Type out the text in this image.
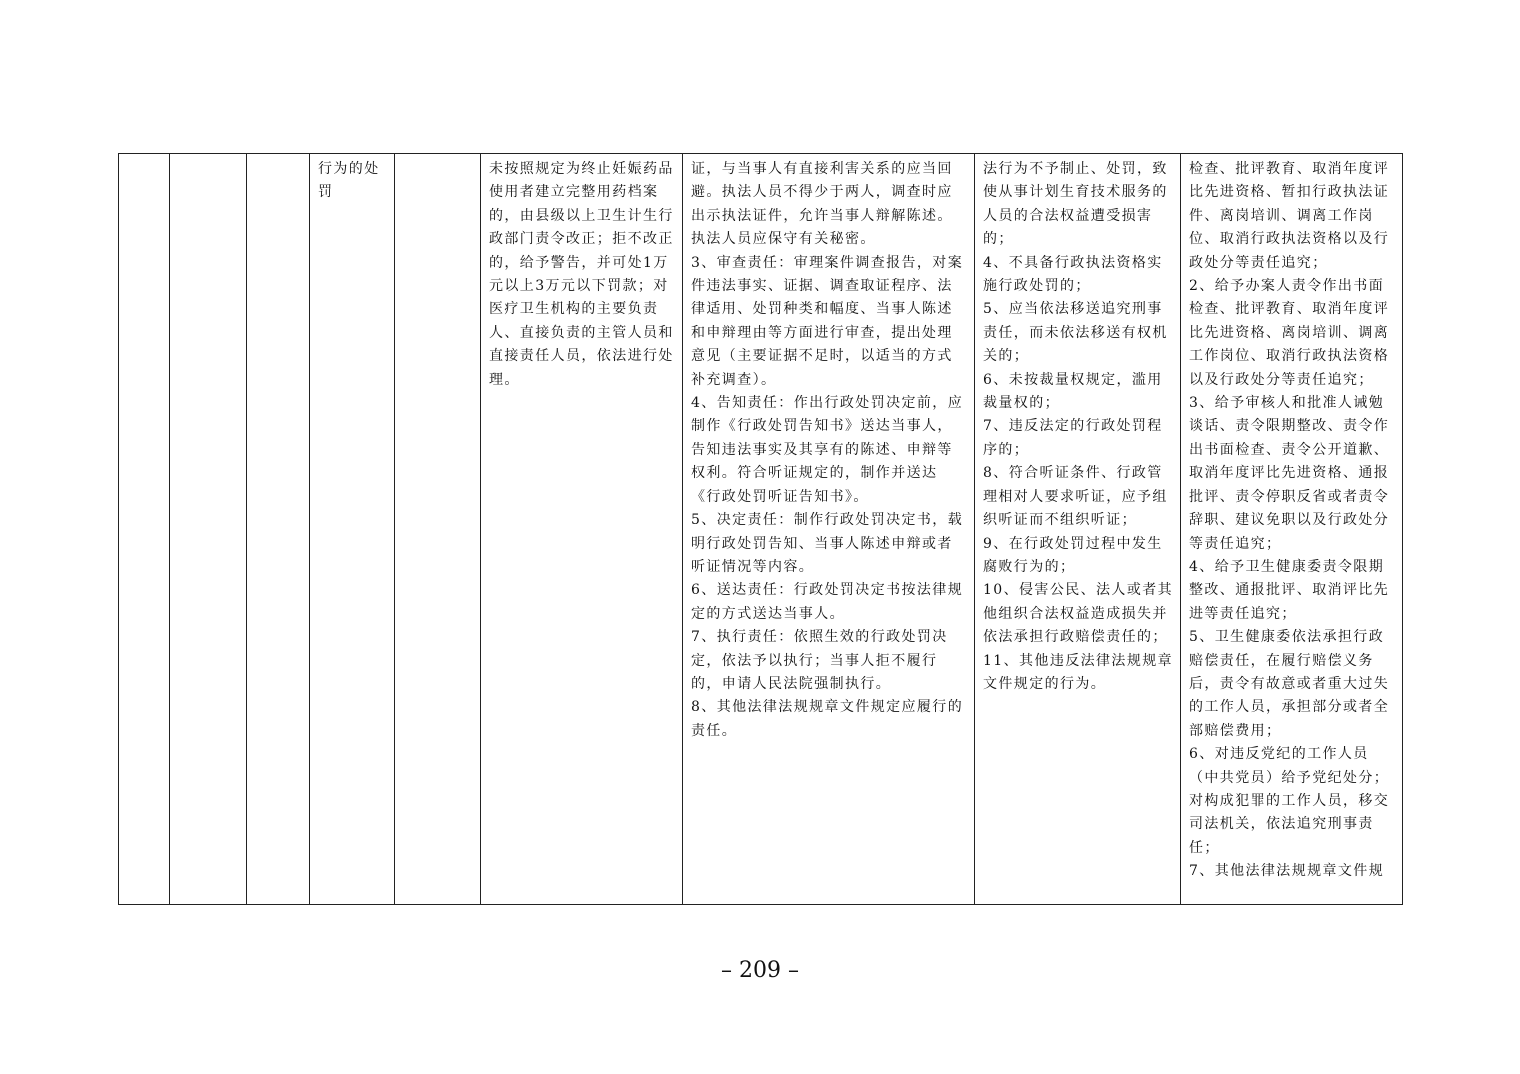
			行为的处罚		未按照规定为终止妊娠药品使用者建立完整用药档案的，由县级以上卫生计生行政部门责令改正；拒不改正的，给予警告，并可处1万元以上3万元以下罚款；对医疗卫生机构的主要负责人、直接负责的主管人员和直接责任人员，依法进行处理。	证，与当事人有直接利害关系的应当回避。执法人员不得少于两人，调查时应出示执法证件，允许当事人辩解陈述。执法人员应保守有关秘密。
3、审查责任：审理案件调查报告，对案件违法事实、证据、调查取证程序、法律适用、处罚种类和幅度、当事人陈述和申辩理由等方面进行审查，提出处理意见（主要证据不足时，以适当的方式补充调查）。
4、告知责任：作出行政处罚决定前，应制作《行政处罚告知书》送达当事人，告知违法事实及其享有的陈述、申辩等权利。符合听证规定的，制作并送达《行政处罚听证告知书》。
5、决定责任：制作行政处罚决定书，载明行政处罚告知、当事人陈述申辩或者听证情况等内容。
6、送达责任：行政处罚决定书按法律规定的方式送达当事人。
7、执行责任：依照生效的行政处罚决定，依法予以执行；当事人拒不履行的，申请人民法院强制执行。
8、其他法律法规规章文件规定应履行的责任。	法行为不予制止、处罚，致使从事计划生育技术服务的人员的合法权益遭受损害的；
4、不具备行政执法资格实施行政处罚的；
5、应当依法移送追究刑事责任，而未依法移送有权机关的；
6、未按裁量权规定，滥用裁量权的；
7、违反法定的行政处罚程序的；
8、符合听证条件、行政管理相对人要求听证，应予组织听证而不组织听证；
9、在行政处罚过程中发生腐败行为的；
10、侵害公民、法人或者其他组织合法权益造成损失并依法承担行政赔偿责任的；
11、其他违反法律法规规章文件规定的行为。	检查、批评教育、取消年度评比先进资格、暂扣行政执法证件、离岗培训、调离工作岗位、取消行政执法资格以及行政处分等责任追究；
2、给予办案人责令作出书面检查、批评教育、取消年度评比先进资格、离岗培训、调离工作岗位、取消行政执法资格以及行政处分等责任追究；
3、给予审核人和批准人诫勉谈话、责令限期整改、责令作出书面检查、责令公开道歉、取消年度评比先进资格、通报批评、责令停职反省或者责令辞职、建议免职以及行政处分等责任追究；
4、给予卫生健康委责令限期整改、通报批评、取消评比先进等责任追究；
5、卫生健康委依法承担行政赔偿责任，在履行赔偿义务后，责令有故意或者重大过失的工作人员，承担部分或者全部赔偿费用；
6、对违反党纪的工作人员（中共党员）给予党纪处分；对构成犯罪的工作人员，移交司法机关，依法追究刑事责任；
7、其他法律法规规章文件规
– 209 –
